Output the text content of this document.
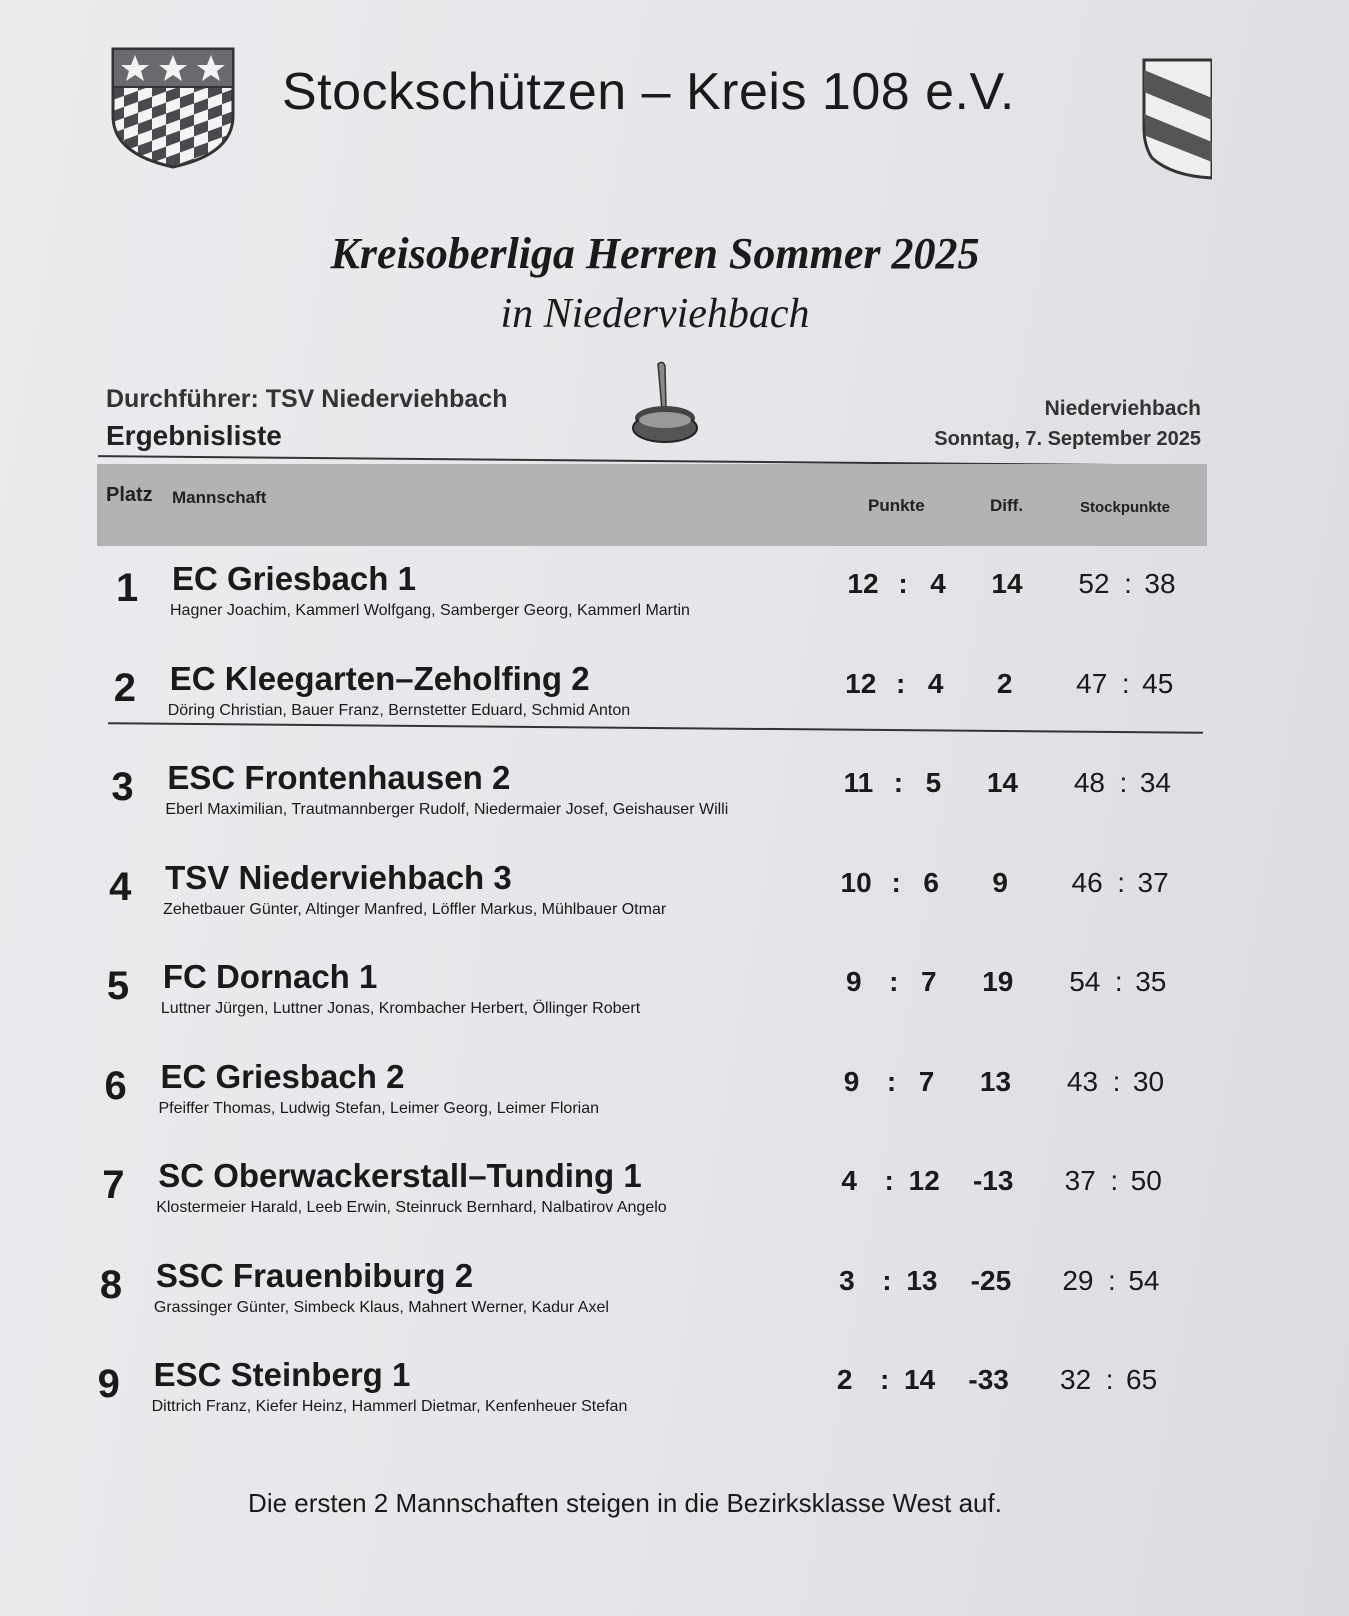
Stockschützen – Kreis 108 e.V.
Kreisoberliga Herren Sommer 2025
in Niederviehbach
Durchführer: TSV Niederviehbach
Ergebnisliste
Niederviehbach
Sonntag, 7. September 2025
Platz Mannschaft	Punkte	Diff.	Stockpunkte
1 EC Griesbach 1
Hagner Joachim, Kammerl Wolfgang, Samberger Georg, Kammerl Martin
12 : 4	14	52 : 38
2 EC Kleegarten–Zeholfing 2
Döring Christian, Bauer Franz, Bernstetter Eduard, Schmid Anton
12 : 4	2	47 : 45
3 ESC Frontenhausen 2
Eberl Maximilian, Trautmannberger Rudolf, Niedermaier Josef, Geishauser Willi
11 : 5	14	48 : 34
4 TSV Niederviehbach 3
Zehetbauer Günter, Altinger Manfred, Löffler Markus, Mühlbauer Otmar
10 : 6	9	46 : 37
5 FC Dornach 1
Luttner Jürgen, Luttner Jonas, Krombacher Herbert, Öllinger Robert
9 : 7	19	54 : 35
6 EC Griesbach 2
Pfeiffer Thomas, Ludwig Stefan, Leimer Georg, Leimer Florian
9 : 7	13	43 : 30
7 SC Oberwackerstall–Tunding 1
Klostermeier Harald, Leeb Erwin, Steinruck Bernhard, Nalbatirov Angelo
4 : 12	-13	37 : 50
8 SSC Frauenbiburg 2
Grassinger Günter, Simbeck Klaus, Mahnert Werner, Kadur Axel
3 : 13	-25	29 : 54
9 ESC Steinberg 1
Dittrich Franz, Kiefer Heinz, Hammerl Dietmar, Kenfenheuer Stefan
2 : 14	-33	32 : 65
Die ersten 2 Mannschaften steigen in die Bezirksklasse West auf.
